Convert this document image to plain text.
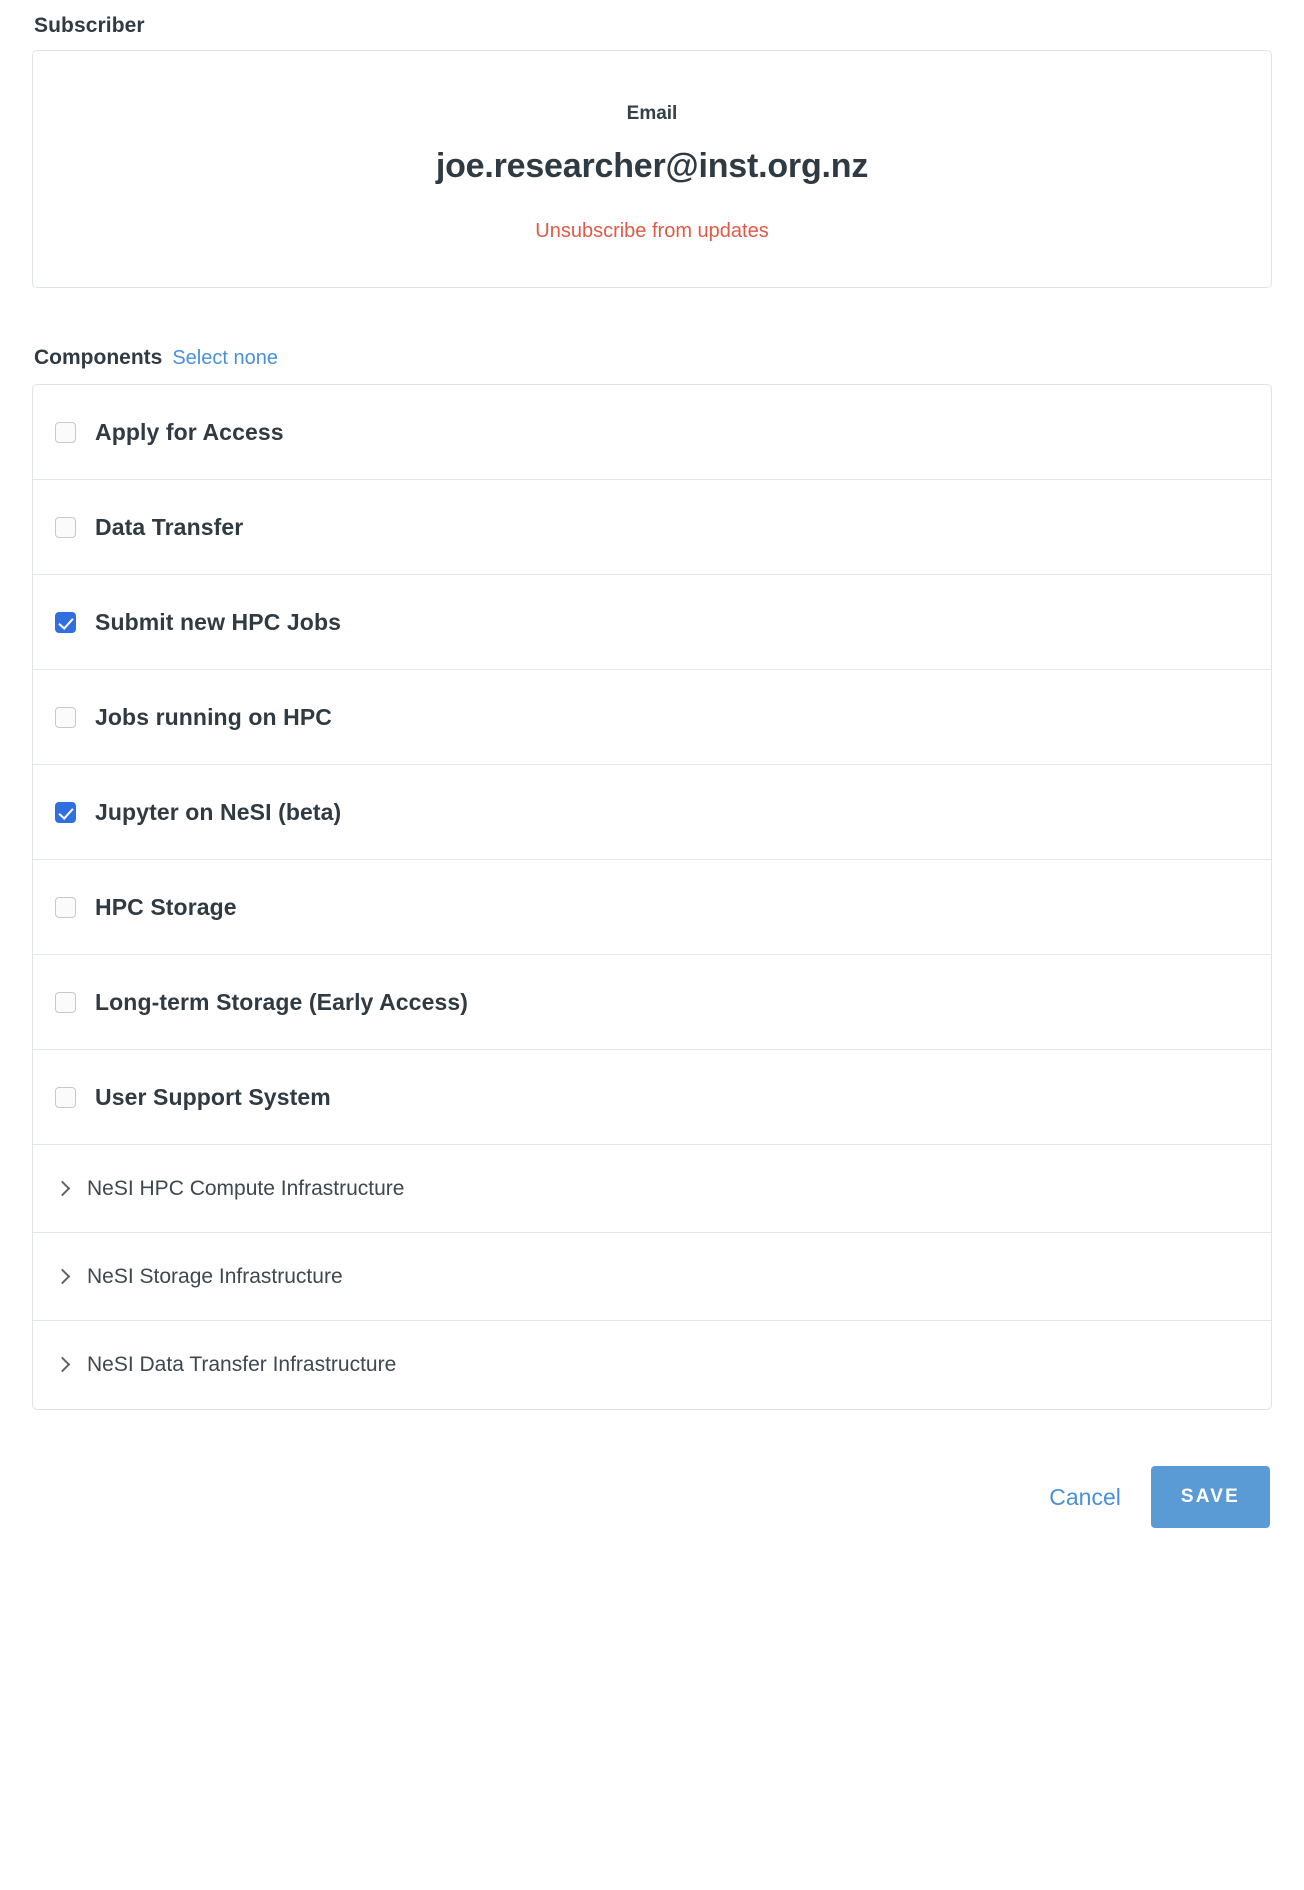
Subscriber
Email
joe.researcher@inst.org.nz
Unsubscribe from updates
Components Select none
Apply for Access
Data Transfer
Submit new HPC Jobs
Jobs running on HPC
Jupyter on NeSI (beta)
HPC Storage
Long-term Storage (Early Access)
User Support System
NeSI HPC Compute Infrastructure
NeSI Storage Infrastructure
NeSI Data Transfer Infrastructure
Cancel	SAVE
